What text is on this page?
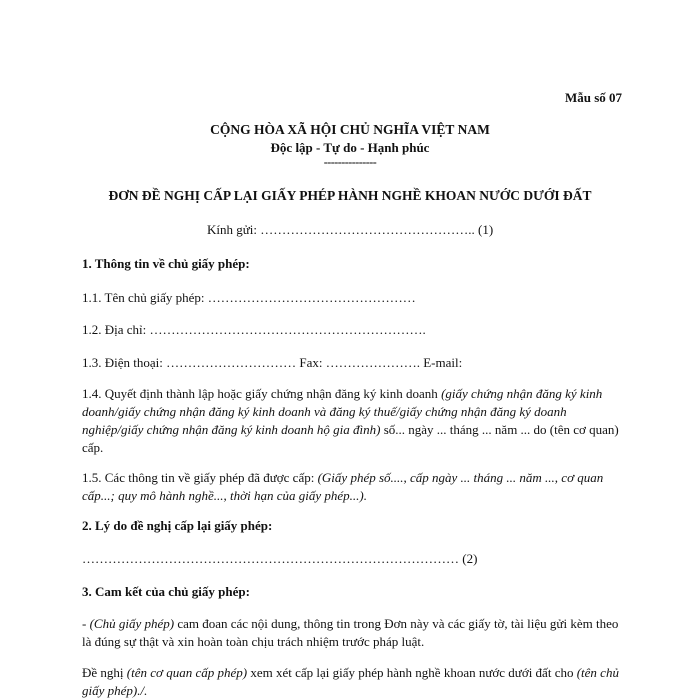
Mẫu số 07
CỘNG HÒA XÃ HỘI CHỦ NGHĨA VIỆT NAM
Độc lập - Tự do - Hạnh phúc
---------------
ĐƠN ĐỀ NGHỊ CẤP LẠI GIẤY PHÉP HÀNH NGHỀ KHOAN NƯỚC DƯỚI ĐẤT
Kính gửi: ………………………………………….. (1)
1. Thông tin về chủ giấy phép:
1.1. Tên chủ giấy phép: …………………………………………
1.2. Địa chỉ: ……………………………………………………….
1.3. Điện thoại: ………………………… Fax: …………………. E-mail:
1.4. Quyết định thành lập hoặc giấy chứng nhận đăng ký kinh doanh (giấy chứng nhận đăng ký kinh doanh/giấy chứng nhận đăng ký kinh doanh và đăng ký thuế/giấy chứng nhận đăng ký doanh nghiệp/giấy chứng nhận đăng ký kinh doanh hộ gia đình) số... ngày ... tháng ... năm ... do (tên cơ quan) cấp.
1.5. Các thông tin về giấy phép đã được cấp: (Giấy phép số...., cấp ngày ... tháng ... năm ..., cơ quan cấp...; quy mô hành nghề..., thời hạn của giấy phép...).
2. Lý do đề nghị cấp lại giấy phép:
…………………………………………………………………………… (2)
3. Cam kết của chủ giấy phép:
- (Chủ giấy phép) cam đoan các nội dung, thông tin trong Đơn này và các giấy tờ, tài liệu gửi kèm theo là đúng sự thật và xin hoàn toàn chịu trách nhiệm trước pháp luật.
Đề nghị (tên cơ quan cấp phép) xem xét cấp lại giấy phép hành nghề khoan nước dưới đất cho (tên chủ giấy phép)./.
